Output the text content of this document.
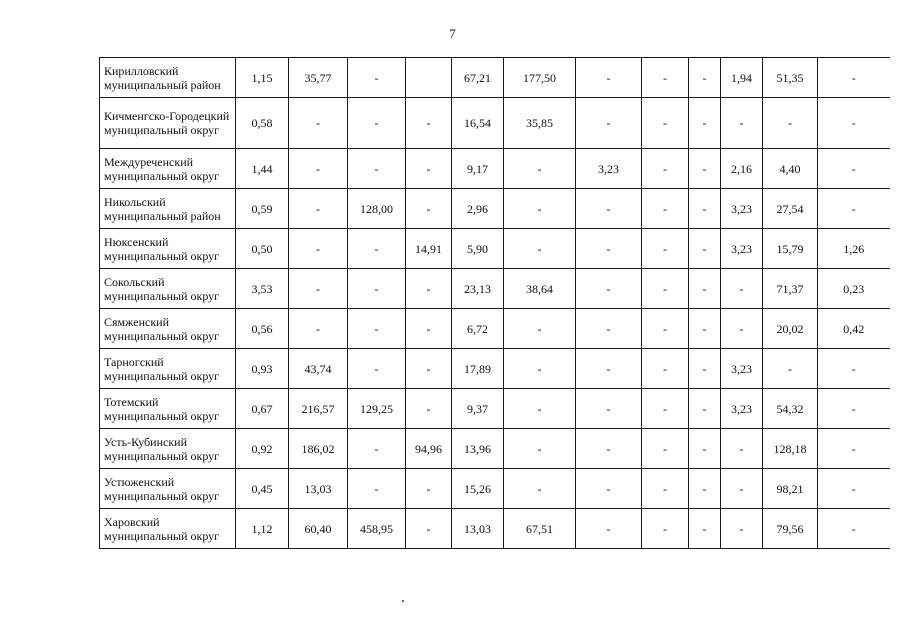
7
Кирилловский муниципальный район	1,15	35,77	-		67,21	177,50	-	-	-	1,94	51,35	-
Кичменгско-Городецкий муниципальный округ	0,58	-	-	-	16,54	35,85	-	-	-	-	-	-
Междуреченский муниципальный округ	1,44	-	-	-	9,17	-	3,23	-	-	2,16	4,40	-
Никольский муниципальный район	0,59	-	128,00	-	2,96	-	-	-	-	3,23	27,54	-
Нюксенский муниципальный округ	0,50	-	-	14,91	5,90	-	-	-	-	3,23	15,79	1,26
Сокольский муниципальный округ	3,53	-	-	-	23,13	38,64	-	-	-	-	71,37	0,23
Сямженский муниципальный округ	0,56	-	-	-	6,72	-	-	-	-	-	20,02	0,42
Тарногский муниципальный округ	0,93	43,74	-	-	17,89	-	-	-	-	3,23	-	-
Тотемский муниципальный округ	0,67	216,57	129,25	-	9,37	-	-	-	-	3,23	54,32	-
Усть-Кубинский муниципальный округ	0,92	186,02	-	94,96	13,96	-	-	-	-	-	128,18	-
Устюженский муниципальный округ	0,45	13,03	-	-	15,26	-	-	-	-	-	98,21	-
Харовский муниципальный округ	1,12	60,40	458,95	-	13,03	67,51	-	-	-	-	79,56	-
